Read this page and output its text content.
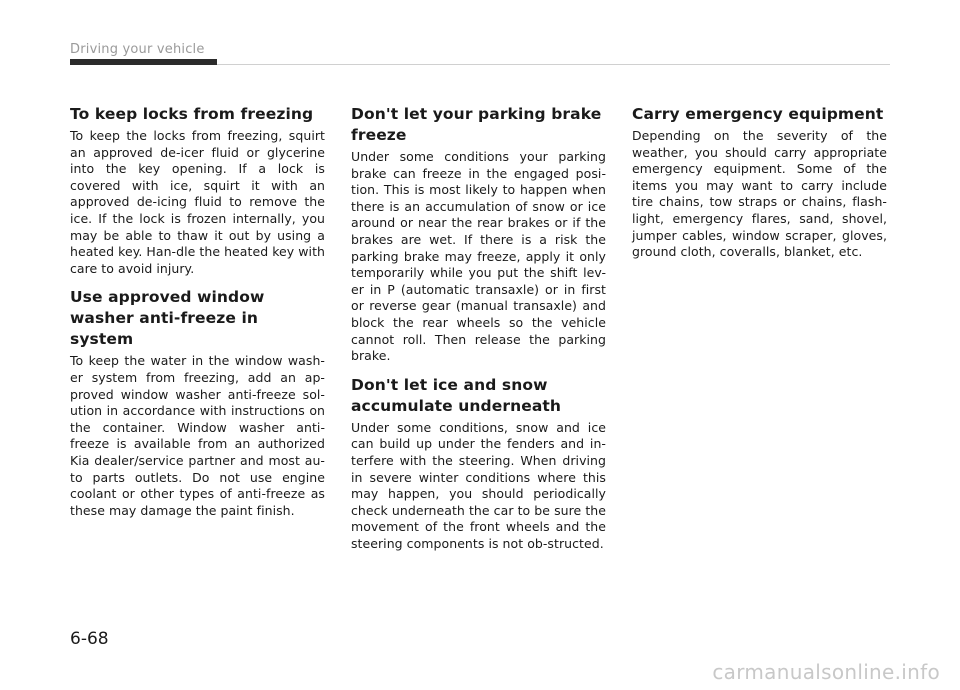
Driving your vehicle
To keep locks from freezing

To keep the locks from freezing, squirt an approved de-icer fluid or glycerine into the key opening. If a lock is covered with ice, squirt it with an approved de-icing fluid to remove the ice. If the lock is frozen internally, you may be able to thaw it out by using a heated key. Han-dle the heated key with care to avoid injury.

Use approved window washer anti-freeze in system

To keep the water in the window wash-er system from freezing, add an ap-proved window washer anti-freeze sol-ution in accordance with instructions on the container. Window washer anti-freeze is available from an authorized Kia dealer/service partner and most au-to parts outlets. Do not use engine coolant or other types of anti-freeze as these may damage the paint finish.

Don't let your parking brake freeze

Under some conditions your parking brake can freeze in the engaged posi-tion. This is most likely to happen when there is an accumulation of snow or ice around or near the rear brakes or if the brakes are wet. If there is a risk the parking brake may freeze, apply it only temporarily while you put the shift lev-er in P (automatic transaxle) or in first or reverse gear (manual transaxle) and block the rear wheels so the vehicle cannot roll. Then release the parking brake.

Don't let ice and snow accumulate underneath

Under some conditions, snow and ice can build up under the fenders and in-terfere with the steering. When driving in severe winter conditions where this may happen, you should periodically check underneath the car to be sure the movement of the front wheels and the steering components is not ob-structed.

Carry emergency equipment

Depending on the severity of the weather, you should carry appropriate emergency equipment. Some of the items you may want to carry include tire chains, tow straps or chains, flash-light, emergency flares, sand, shovel, jumper cables, window scraper, gloves, ground cloth, coveralls, blanket, etc.

6-68
carmanualsonline.info
